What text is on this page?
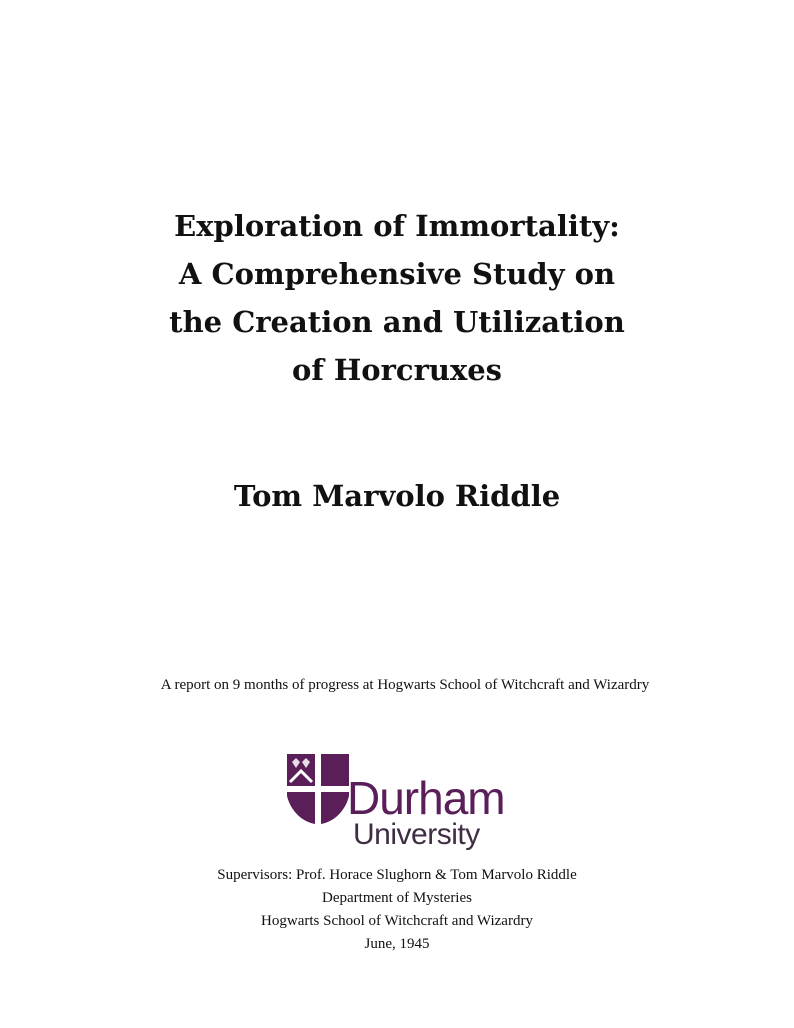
Exploration of Immortality:
A Comprehensive Study on
the Creation and Utilization
of Horcruxes
Tom Marvolo Riddle
A report on 9 months of progress at Hogwarts School of Witchcraft and Wizardry
Durham
University
Supervisors: Prof. Horace Slughorn & Tom Marvolo Riddle
Department of Mysteries
Hogwarts School of Witchcraft and Wizardry
June, 1945
